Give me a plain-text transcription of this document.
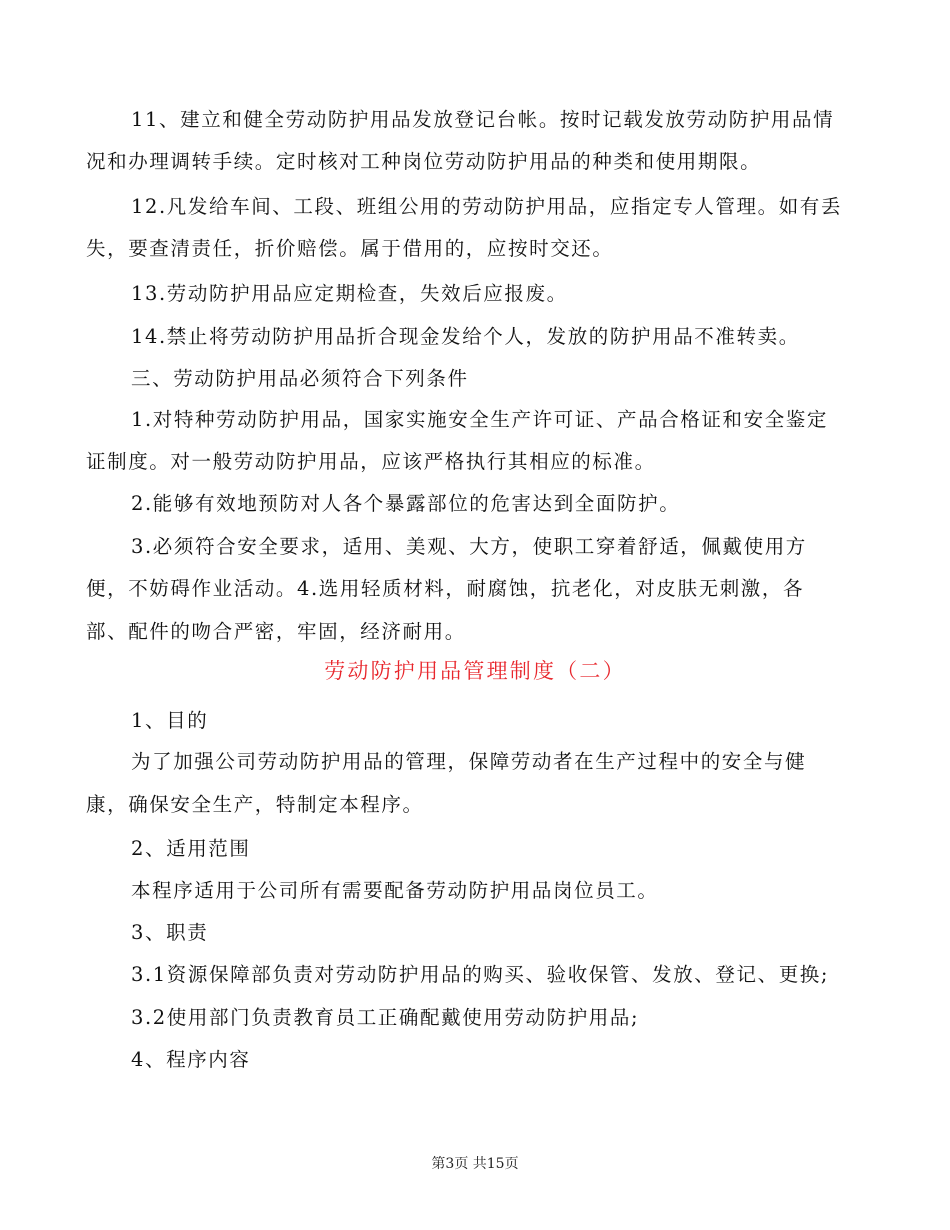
11、建立和健全劳动防护用品发放登记台帐。按时记载发放劳动防护用品情
况和办理调转手续。定时核对工种岗位劳动防护用品的种类和使用期限。
12.凡发给车间、工段、班组公用的劳动防护用品，应指定专人管理。如有丢
失，要查清责任，折价赔偿。属于借用的，应按时交还。
13.劳动防护用品应定期检查，失效后应报废。
14.禁止将劳动防护用品折合现金发给个人，发放的防护用品不准转卖。
三、劳动防护用品必须符合下列条件
1.对特种劳动防护用品，国家实施安全生产许可证、产品合格证和安全鉴定
证制度。对一般劳动防护用品，应该严格执行其相应的标准。
2.能够有效地预防对人各个暴露部位的危害达到全面防护。
3.必须符合安全要求，适用、美观、大方，使职工穿着舒适，佩戴使用方
便，不妨碍作业活动。4.选用轻质材料，耐腐蚀，抗老化，对皮肤无刺激，各
部、配件的吻合严密，牢固，经济耐用。
劳动防护用品管理制度（二）
1、目的
为了加强公司劳动防护用品的管理，保障劳动者在生产过程中的安全与健
康，确保安全生产，特制定本程序。
2、适用范围
本程序适用于公司所有需要配备劳动防护用品岗位员工。
3、职责
3.1资源保障部负责对劳动防护用品的购买、验收保管、发放、登记、更换;
3.2使用部门负责教育员工正确配戴使用劳动防护用品;
4、程序内容
第3页 共15页
